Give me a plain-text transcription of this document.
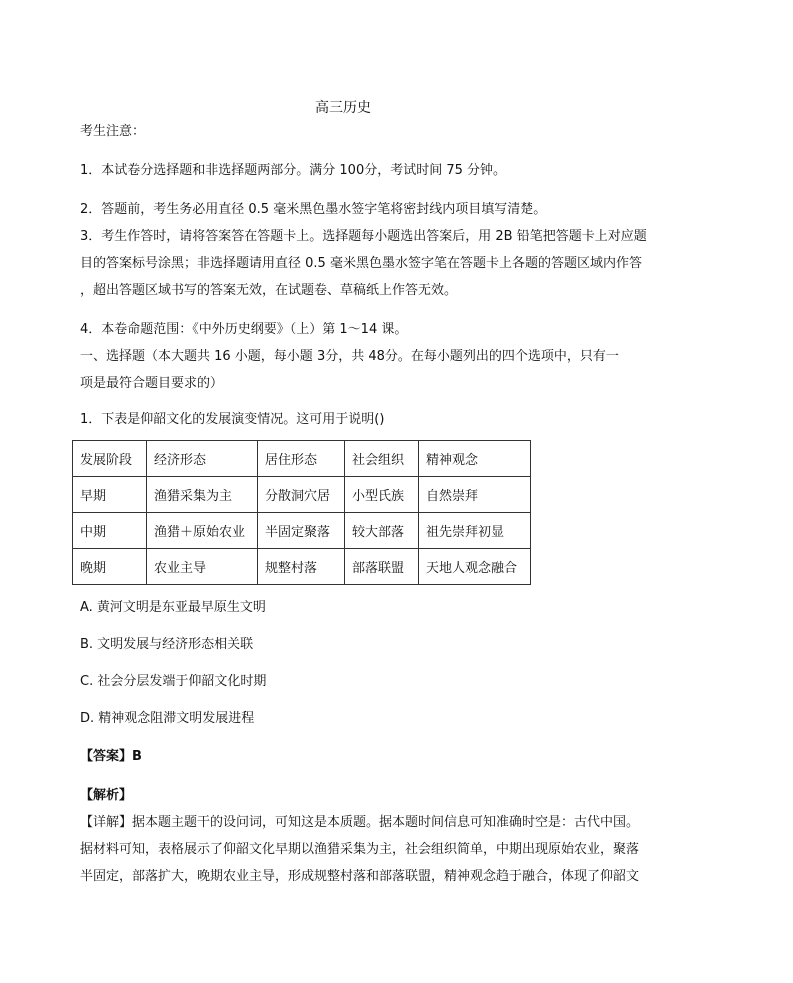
高三历史
考生注意：
1．本试卷分选择题和非选择题两部分。满分 100分，考试时间 75 分钟。
2．答题前，考生务必用直径 0.5 毫米黑色墨水签字笔将密封线内项目填写清楚。
3．考生作答时，请将答案答在答题卡上。选择题每小题选出答案后，用 2B 铅笔把答题卡上对应题
目的答案标号涂黑；非选择题请用直径 0.5 毫米黑色墨水签字笔在答题卡上各题的答题区域内作答
，超出答题区域书写的答案无效，在试题卷、草稿纸上作答无效。
4．本卷命题范围：《中外历史纲要》（上）第 1～14 课。
一、选择题（本大题共 16 小题，每小题 3分，共 48分。在每小题列出的四个选项中，只有一
项是最符合题目要求的）
1．下表是仰韶文化的发展演变情况。这可用于说明()
发展阶段	经济形态	居住形态	社会组织	精神观念
早期	渔猎采集为主	分散洞穴居	小型氏族	自然崇拜
中期	渔猎＋原始农业	半固定聚落	较大部落	祖先崇拜初显
晚期	农业主导	规整村落	部落联盟	天地人观念融合
A. 黄河文明是东亚最早原生文明
B. 文明发展与经济形态相关联
C. 社会分层发端于仰韶文化时期
D. 精神观念阻滞文明发展进程
【答案】B
【解析】
【详解】据本题主题干的设问词，可知这是本质题。据本题时间信息可知准确时空是：古代中国。
据材料可知，表格展示了仰韶文化早期以渔猎采集为主，社会组织简单，中期出现原始农业，聚落
半固定，部落扩大，晚期农业主导，形成规整村落和部落联盟，精神观念趋于融合，体现了仰韶文
